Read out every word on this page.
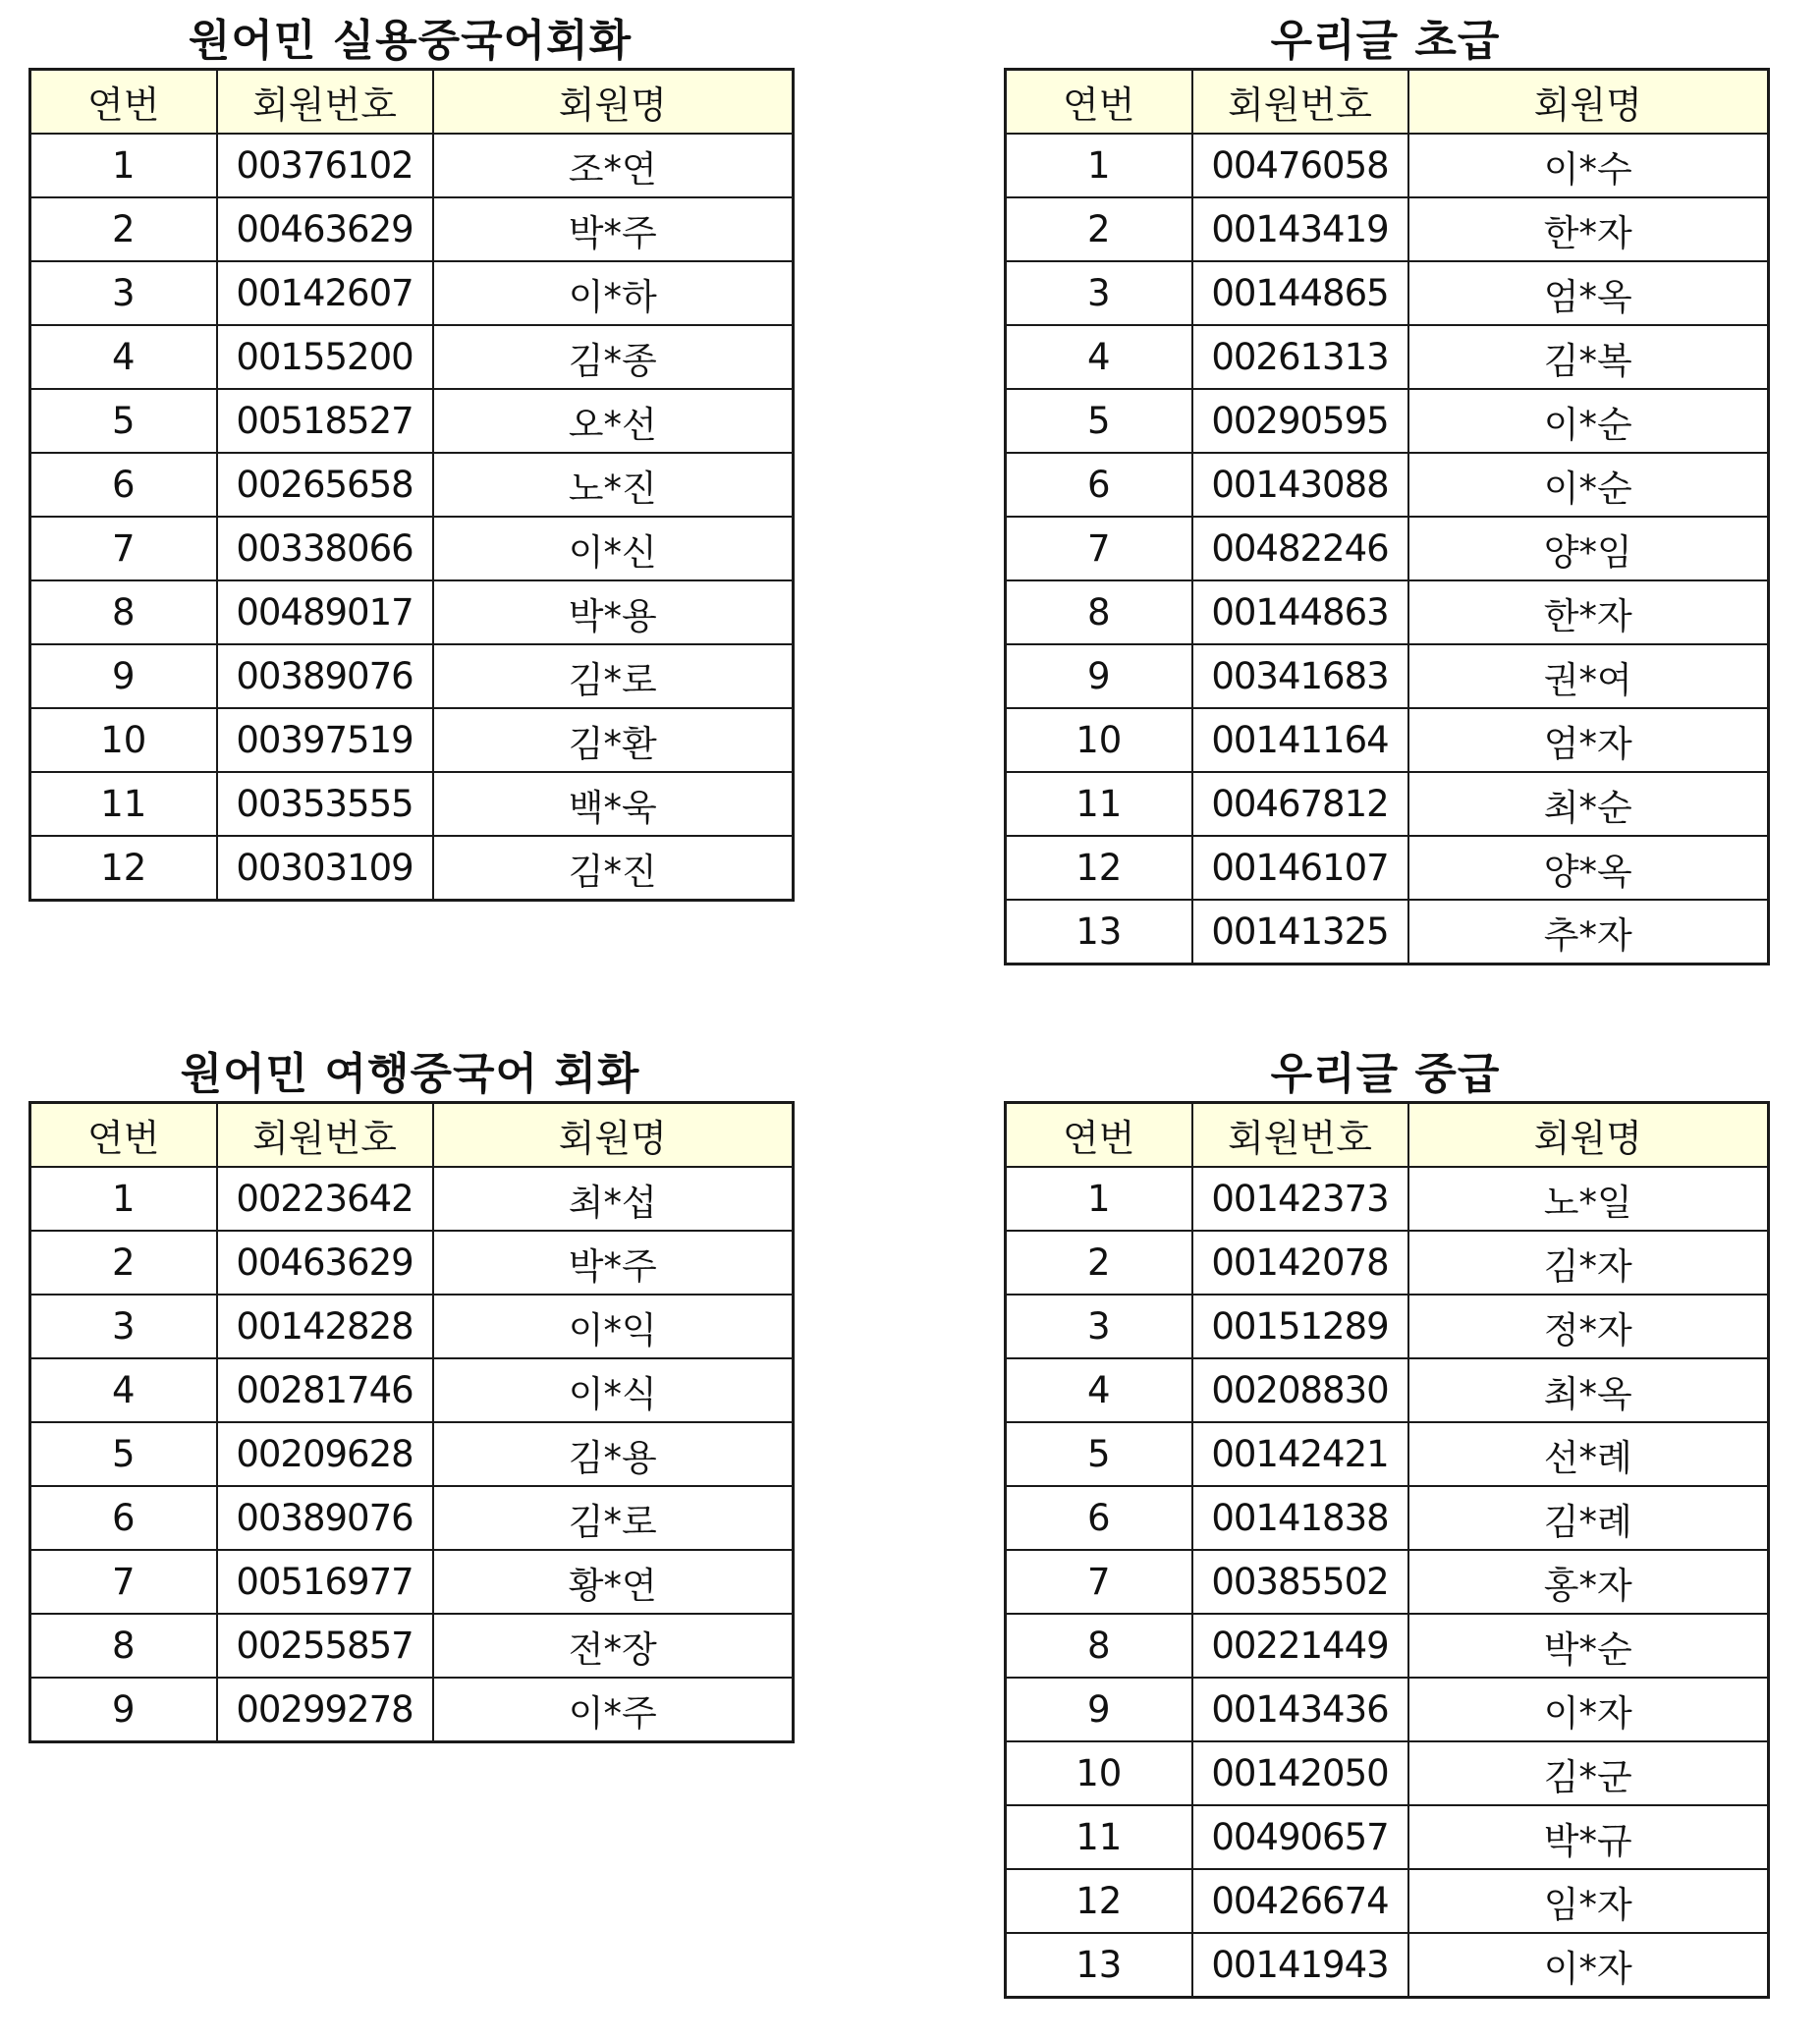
원어민 실용중국어회화
연번	회원번호	회원명
1	00376102	조*연
2	00463629	박*주
3	00142607	이*하
4	00155200	김*종
5	00518527	오*선
6	00265658	노*진
7	00338066	이*신
8	00489017	박*용
9	00389076	김*로
10	00397519	김*환
11	00353555	백*욱
12	00303109	김*진
우리글 초급
연번	회원번호	회원명
1	00476058	이*수
2	00143419	한*자
3	00144865	엄*옥
4	00261313	김*복
5	00290595	이*순
6	00143088	이*순
7	00482246	양*임
8	00144863	한*자
9	00341683	권*여
10	00141164	엄*자
11	00467812	최*순
12	00146107	양*옥
13	00141325	추*자
원어민 여행중국어 회화
연번	회원번호	회원명
1	00223642	최*섭
2	00463629	박*주
3	00142828	이*익
4	00281746	이*식
5	00209628	김*용
6	00389076	김*로
7	00516977	황*연
8	00255857	전*장
9	00299278	이*주
우리글 중급
연번	회원번호	회원명
1	00142373	노*일
2	00142078	김*자
3	00151289	정*자
4	00208830	최*옥
5	00142421	선*례
6	00141838	김*례
7	00385502	홍*자
8	00221449	박*순
9	00143436	이*자
10	00142050	김*군
11	00490657	박*규
12	00426674	임*자
13	00141943	이*자
